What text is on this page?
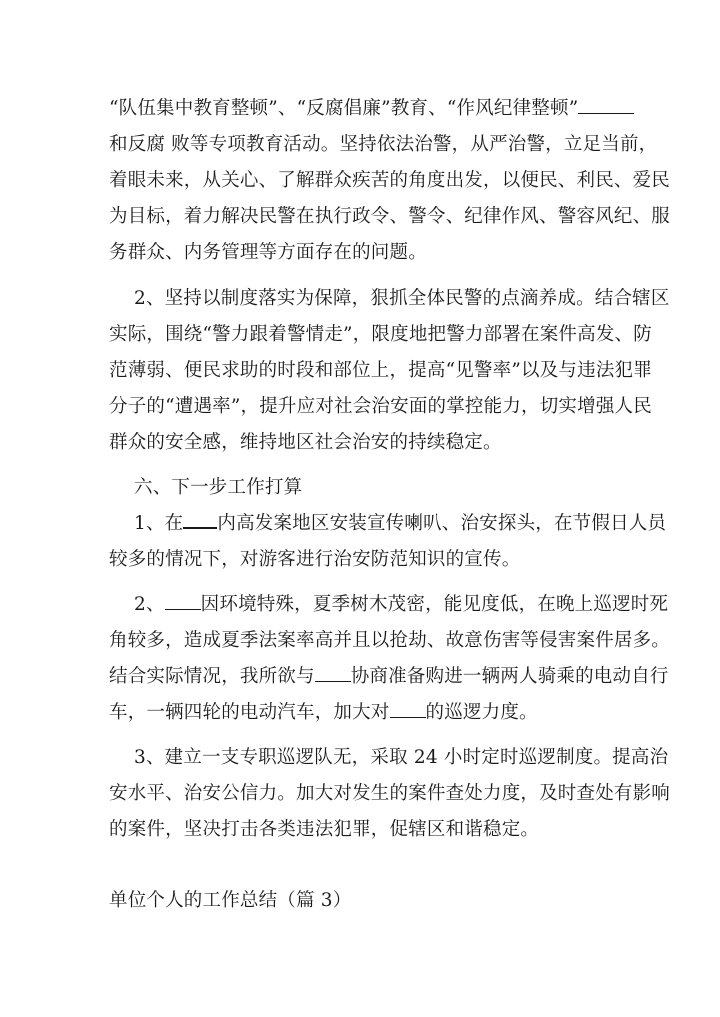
“队伍集中教育整顿”、“反腐倡廉”教育、“作风纪律整顿”
和反腐 败等专项教育活动。坚持依法治警，从严治警，立足当前，
着眼未来，从关心、了解群众疾苦的角度出发，以便民、利民、爱民
为目标，着力解决民警在执行政令、警令、纪律作风、警容风纪、服
务群众、内务管理等方面存在的问题。
2、坚持以制度落实为保障，狠抓全体民警的点滴养成。结合辖区
实际，围绕“警力跟着警情走”，限度地把警力部署在案件高发、防
范薄弱、便民求助的时段和部位上，提高“见警率”以及与违法犯罪
分子的“遭遇率”，提升应对社会治安面的掌控能力，切实增强人民
群众的安全感，维持地区社会治安的持续稳定。
六、下一步工作打算
1、在 内高发案地区安装宣传喇叭、治安探头，在节假日人员
较多的情况下，对游客进行治安防范知识的宣传。
2、 因环境特殊，夏季树木茂密，能见度低，在晚上巡逻时死
角较多，造成夏季法案率高并且以抢劫、故意伤害等侵害案件居多。
结合实际情况，我所欲与 协商准备购进一辆两人骑乘的电动自行
车，一辆四轮的电动汽车，加大对 的巡逻力度。
3、建立一支专职巡逻队无，采取 24 小时定时巡逻制度。提高治
安水平、治安公信力。加大对发生的案件查处力度，及时查处有影响
的案件，坚决打击各类违法犯罪，促辖区和谐稳定。
单位个人的工作总结（篇 3）
